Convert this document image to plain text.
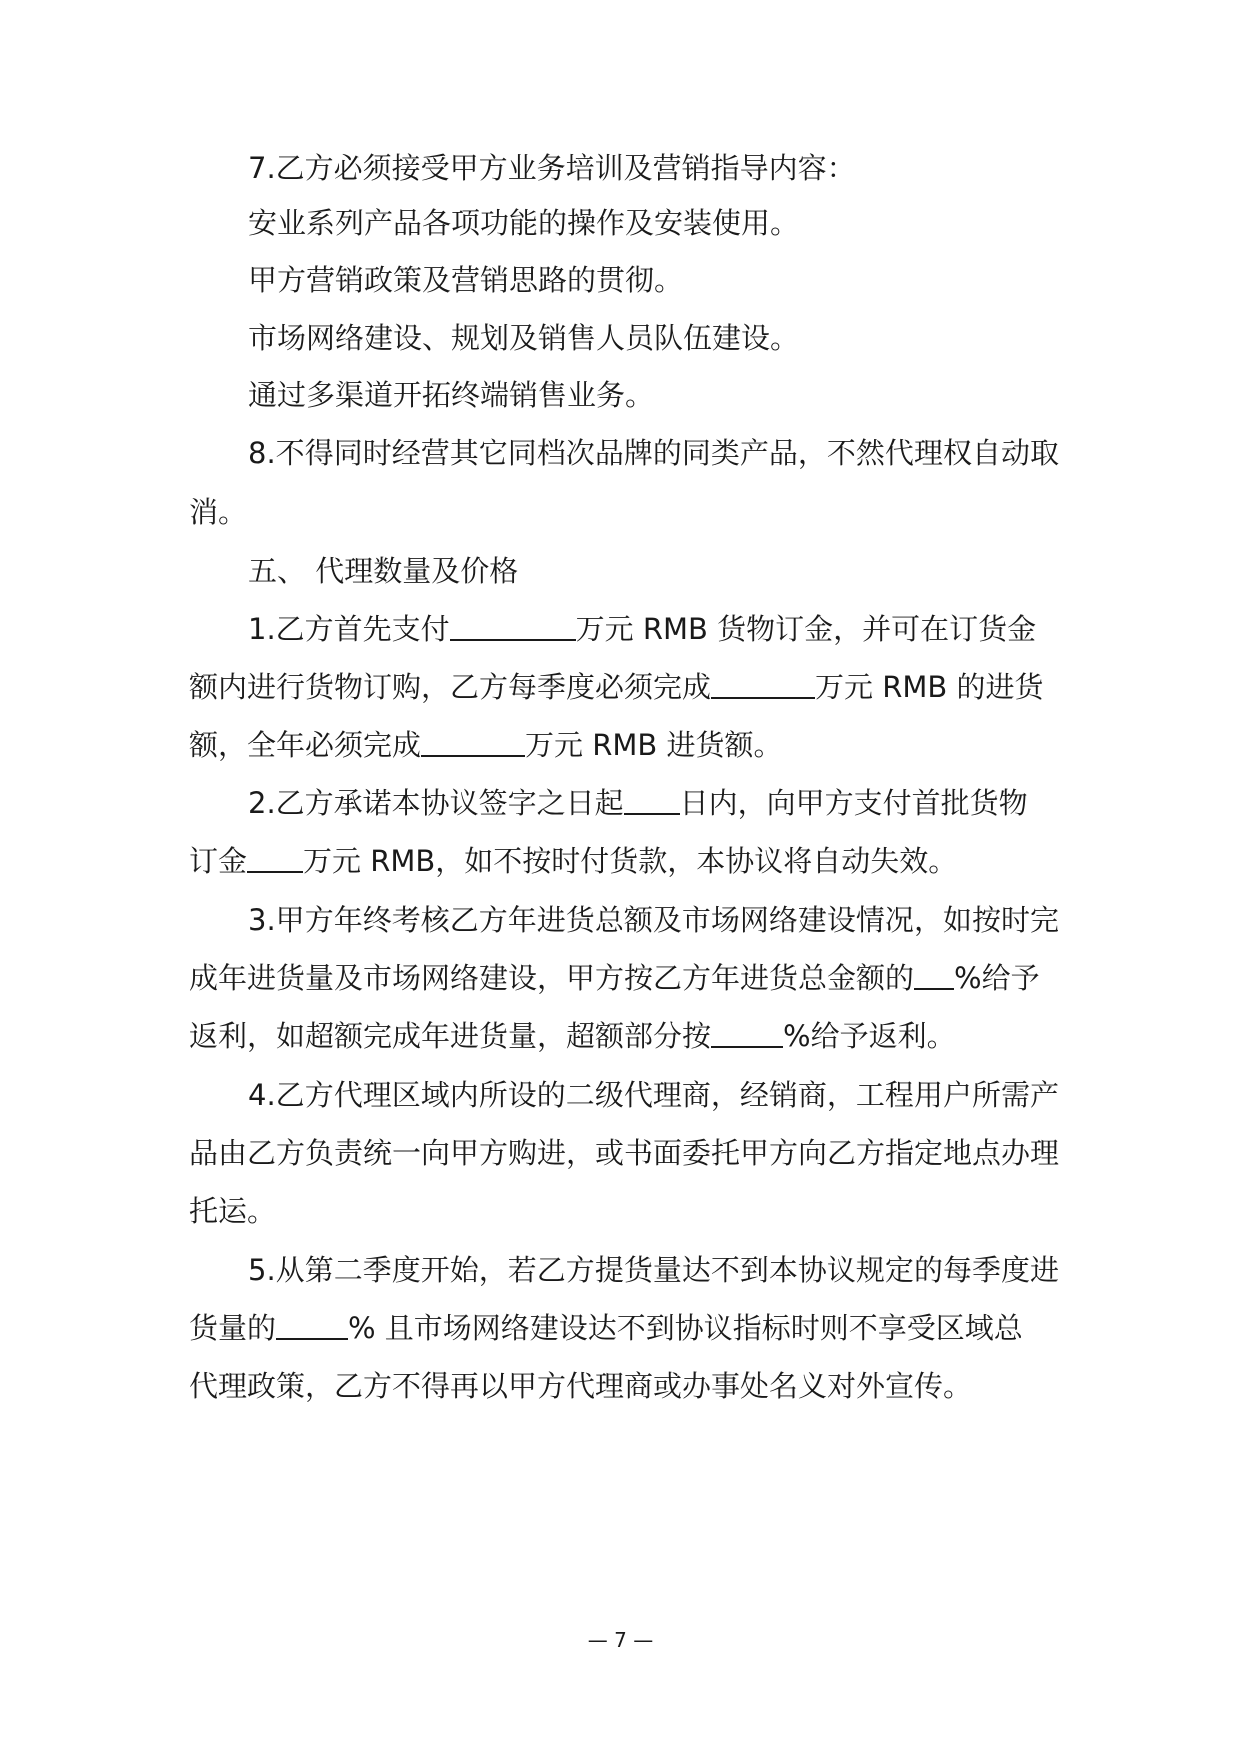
7.乙方必须接受甲方业务培训及营销指导内容：
安业系列产品各项功能的操作及安装使用。
甲方营销政策及营销思路的贯彻。
市场网络建设、规划及销售人员队伍建设。
通过多渠道开拓终端销售业务。
8.不得同时经营其它同档次品牌的同类产品，不然代理权自动取
消。
五、 代理数量及价格
1.乙方首先支付	万元 RMB 货物订金，并可在订货金
额内进行货物订购，乙方每季度必须完成	万元 RMB 的进货
额，全年必须完成	万元 RMB 进货额。
2.乙方承诺本协议签字之日起 日内，向甲方支付首批货物
订金 万元 RMB，如不按时付货款，本协议将自动失效。
3.甲方年终考核乙方年进货总额及市场网络建设情况，如按时完
成年进货量及市场网络建设，甲方按乙方年进货总金额的 %给予
返利，如超额完成年进货量，超额部分按 %给予返利。
4.乙方代理区域内所设的二级代理商，经销商，工程用户所需产
品由乙方负责统一向甲方购进，或书面委托甲方向乙方指定地点办理
托运。
5.从第二季度开始，若乙方提货量达不到本协议规定的每季度进
货量的 % 且市场网络建设达不到协议指标时则不享受区域总
代理政策，乙方不得再以甲方代理商或办事处名义对外宣传。
— 7 —
